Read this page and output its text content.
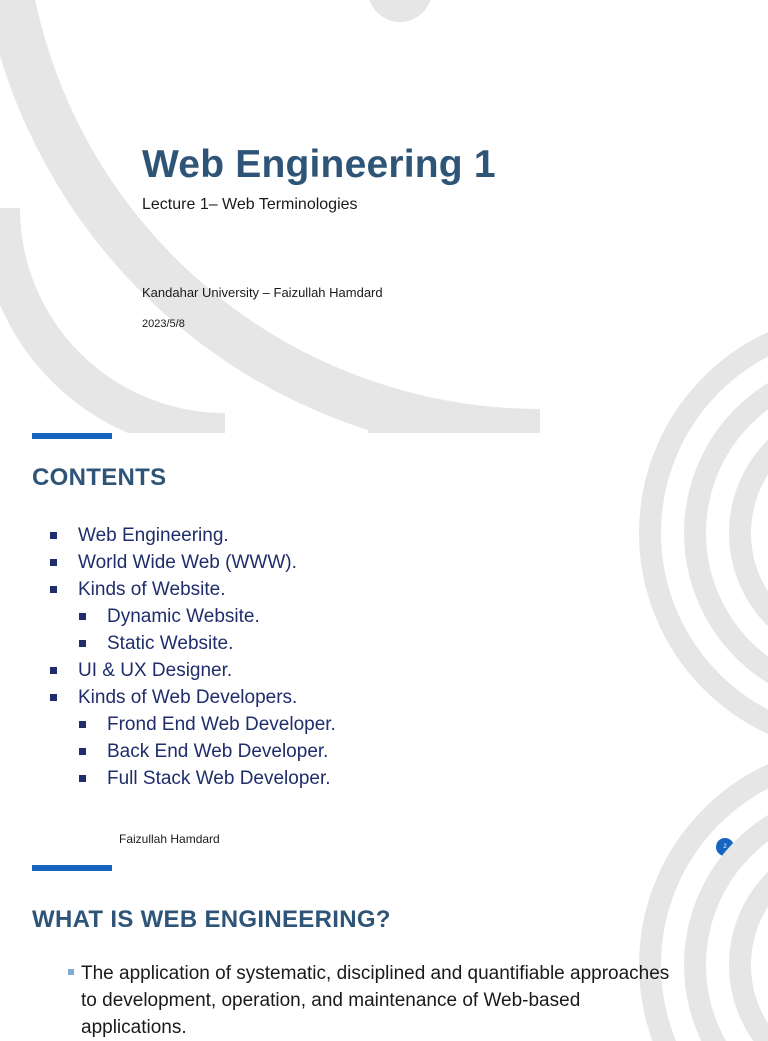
Web Engineering 1
Lecture 1– Web Terminologies
Kandahar University – Faizullah Hamdard
2023/5/8
CONTENTS
Web Engineering.
World Wide Web (WWW).
Kinds of Website.
Dynamic Website.
Static Website.
UI & UX Designer.
Kinds of Web Developers.
Frond End Web Developer.
Back End Web Developer.
Full Stack Web Developer.
Faizullah Hamdard
2
WHAT IS WEB ENGINEERING?

The application of systematic, disciplined and quantifiable approaches to development, operation, and maintenance of Web-based applications.
